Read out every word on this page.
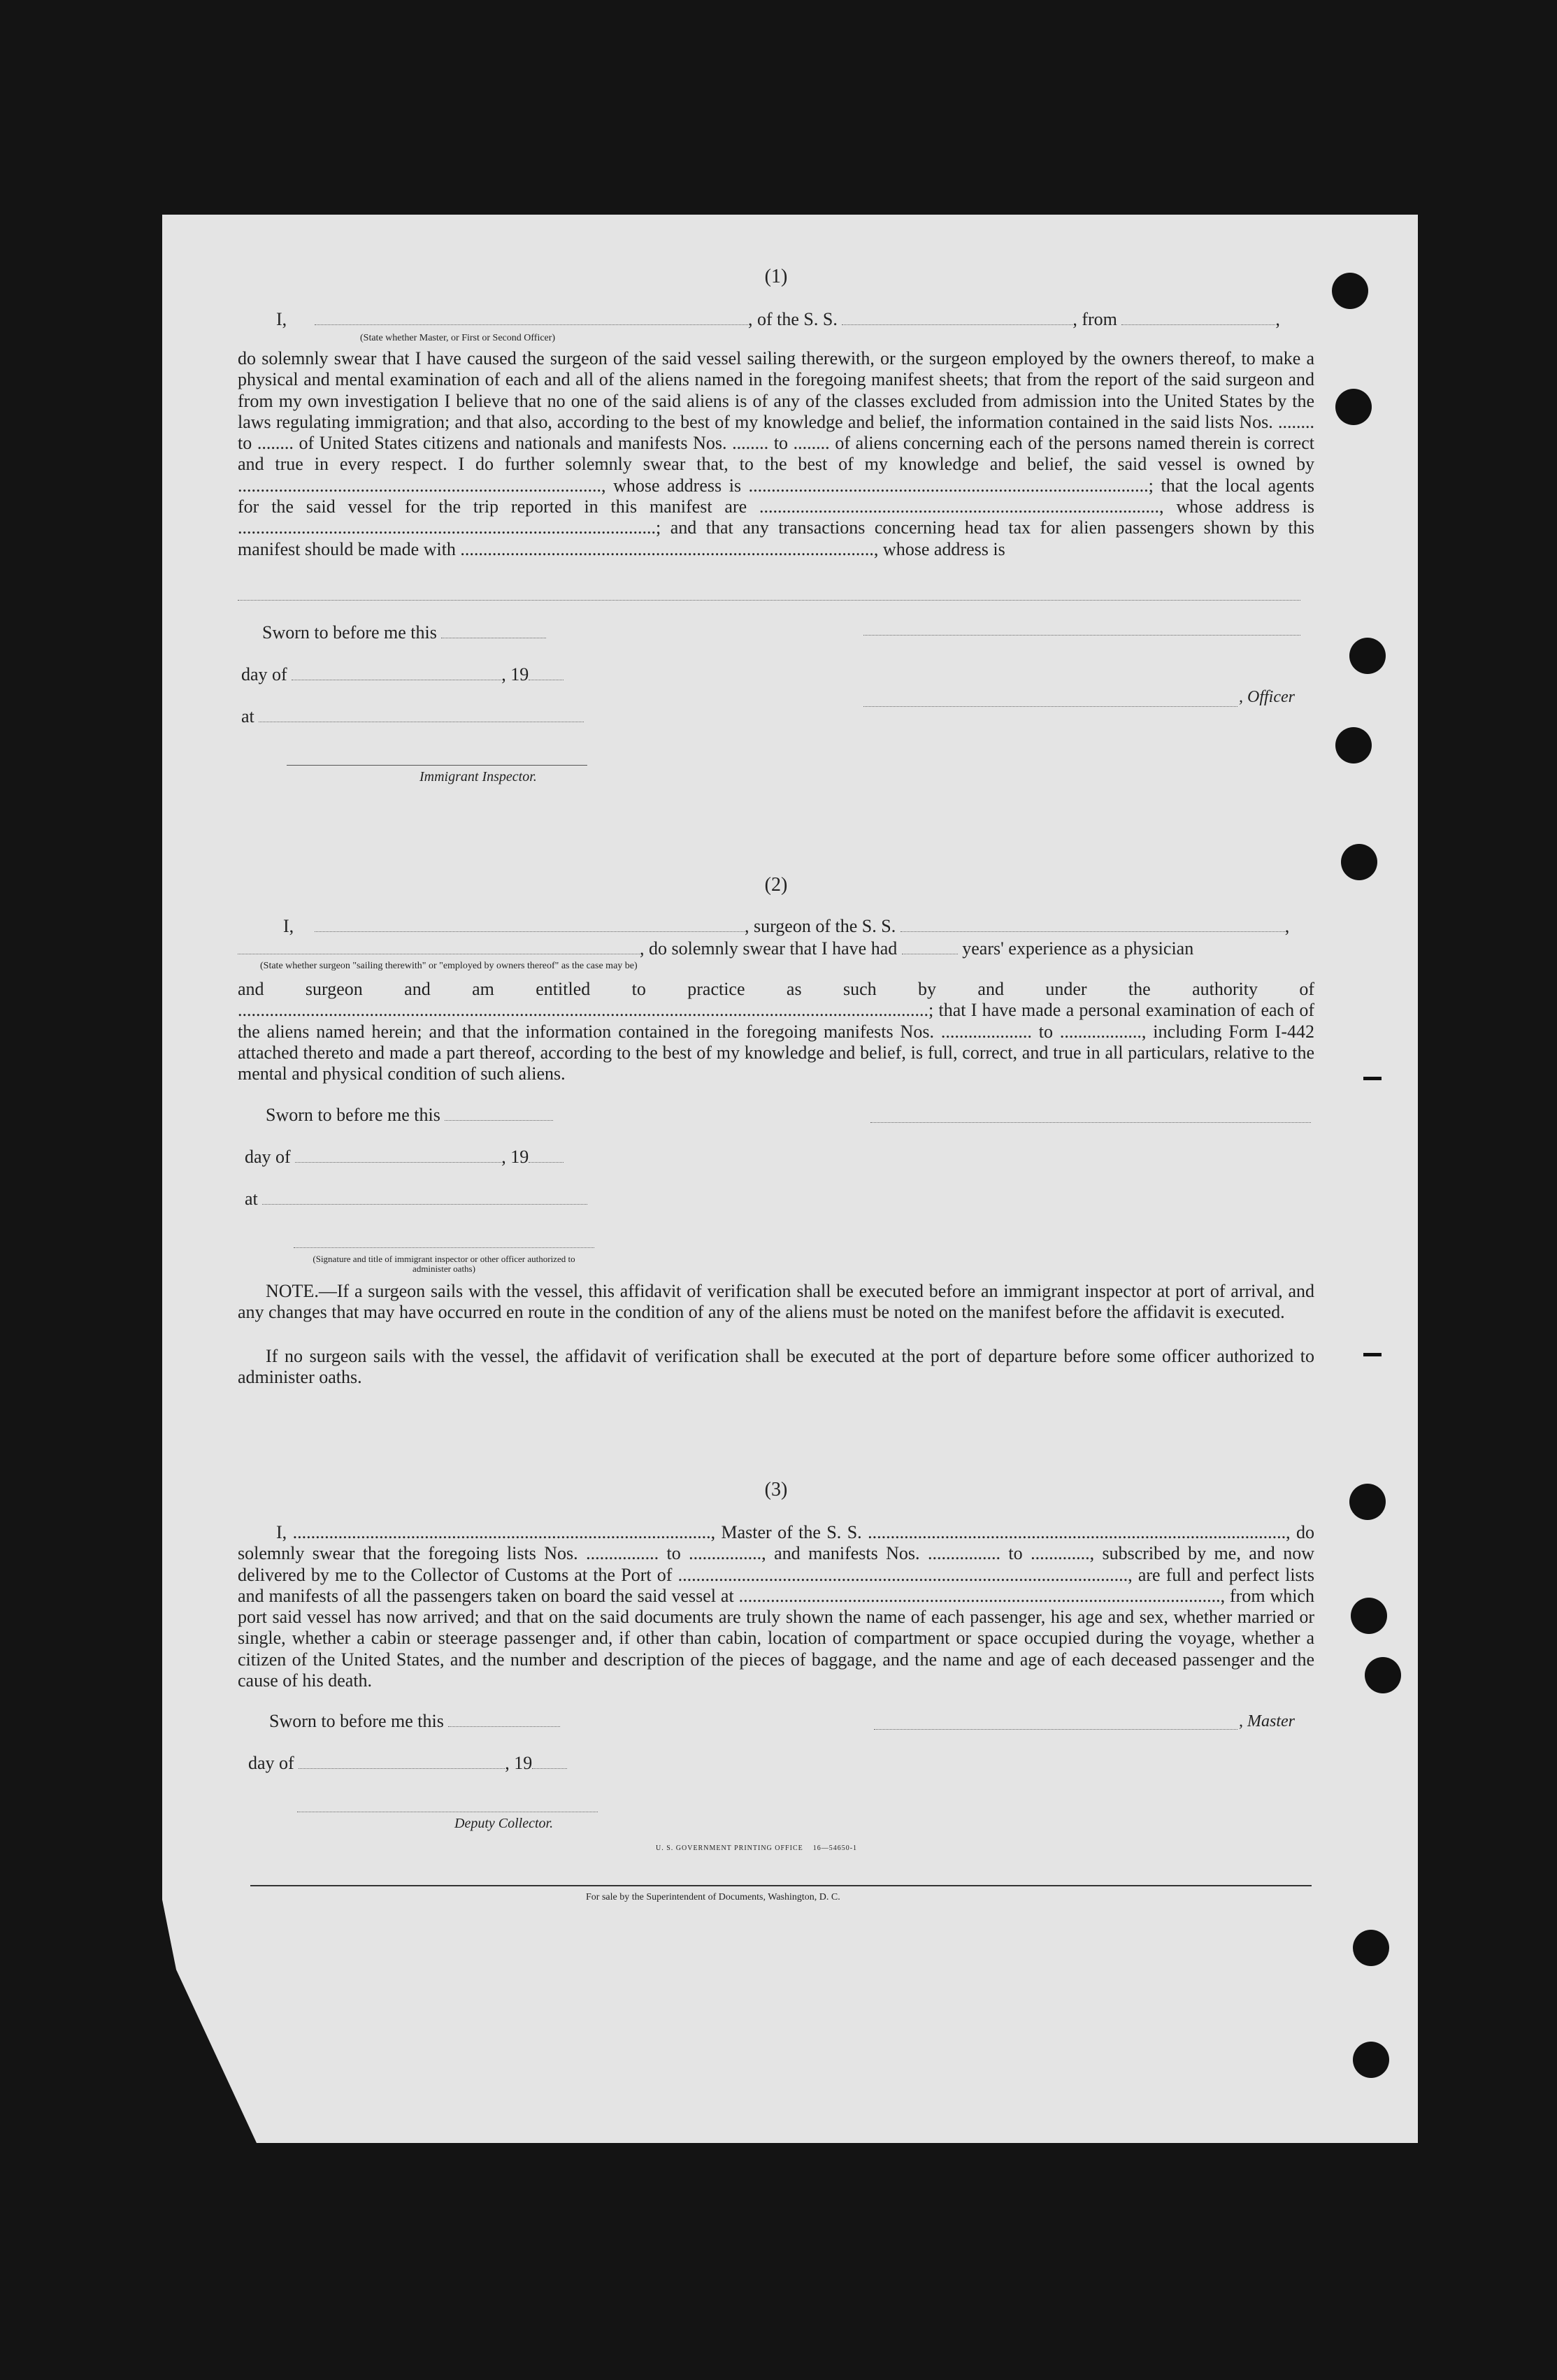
(1)
I,	, of the S. S.	, from	,
(State whether Master, or First or Second Officer)
do solemnly swear that I have caused the surgeon of the said vessel sailing therewith, or the surgeon employed by the owners thereof, to make a physical and mental examination of each and all of the aliens named in the foregoing manifest sheets; that from the report of the said surgeon and from my own investigation I believe that no one of the said aliens is of any of the classes excluded from admission into the United States by the laws regulating immigration; and that also, according to the best of my knowledge and belief, the information contained in the said lists Nos. ........ to ........ of United States citizens and nationals and manifests Nos. ........ to ........ of aliens concerning each of the persons named therein is correct and true in every respect. I do further solemnly swear that, to the best of my knowledge and belief, the said vessel is owned by ................................................................................, whose address is ........................................................................................; that the local agents for the said vessel for the trip reported in this manifest are ........................................................................................, whose address is ............................................................................................; and that any transactions concerning head tax for alien passengers shown by this manifest should be made with ..........................................................................................., whose address is
Sworn to before me this
day of	, 19
at
Immigrant Inspector.
, Officer
(2)
I,	, surgeon of the S. S.	,
, do solemnly swear that I have had	years' experience as a physician
(State whether surgeon "sailing therewith" or "employed by owners thereof" as the case may be)
and surgeon and am entitled to practice as such by and under the authority of ........................................................................................................................................................; that I have made a personal examination of each of the aliens named herein; and that the information contained in the foregoing manifests Nos. .................... to .................., including Form I-442 attached thereto and made a part thereof, according to the best of my knowledge and belief, is full, correct, and true in all particulars, relative to the mental and physical condition of such aliens.
Sworn to before me this
day of	, 19
at
(Signature and title of immigrant inspector or other officer authorized to administer oaths)
NOTE.—If a surgeon sails with the vessel, this affidavit of verification shall be executed before an immigrant inspector at port of arrival, and any changes that may have occurred en route in the condition of any of the aliens must be noted on the manifest before the affidavit is executed.
If no surgeon sails with the vessel, the affidavit of verification shall be executed at the port of departure before some officer authorized to administer oaths.
(3)
I, ............................................................................................, Master of the S. S. ............................................................................................, do solemnly swear that the foregoing lists Nos. ................ to ................, and manifests Nos. ................ to ............., subscribed by me, and now delivered by me to the Collector of Customs at the Port of ..................................................................................................., are full and perfect lists and manifests of all the passengers taken on board the said vessel at .........................................................................................................., from which port said vessel has now arrived; and that on the said documents are truly shown the name of each passenger, his age and sex, whether married or single, whether a cabin or steerage passenger and, if other than cabin, location of compartment or space occupied during the voyage, whether a citizen of the United States, and the number and description of the pieces of baggage, and the name and age of each deceased passenger and the cause of his death.
Sworn to before me this	, Master
day of	, 19
Deputy Collector.
U. S. GOVERNMENT PRINTING OFFICE 16—54650-1
For sale by the Superintendent of Documents, Washington, D. C.
